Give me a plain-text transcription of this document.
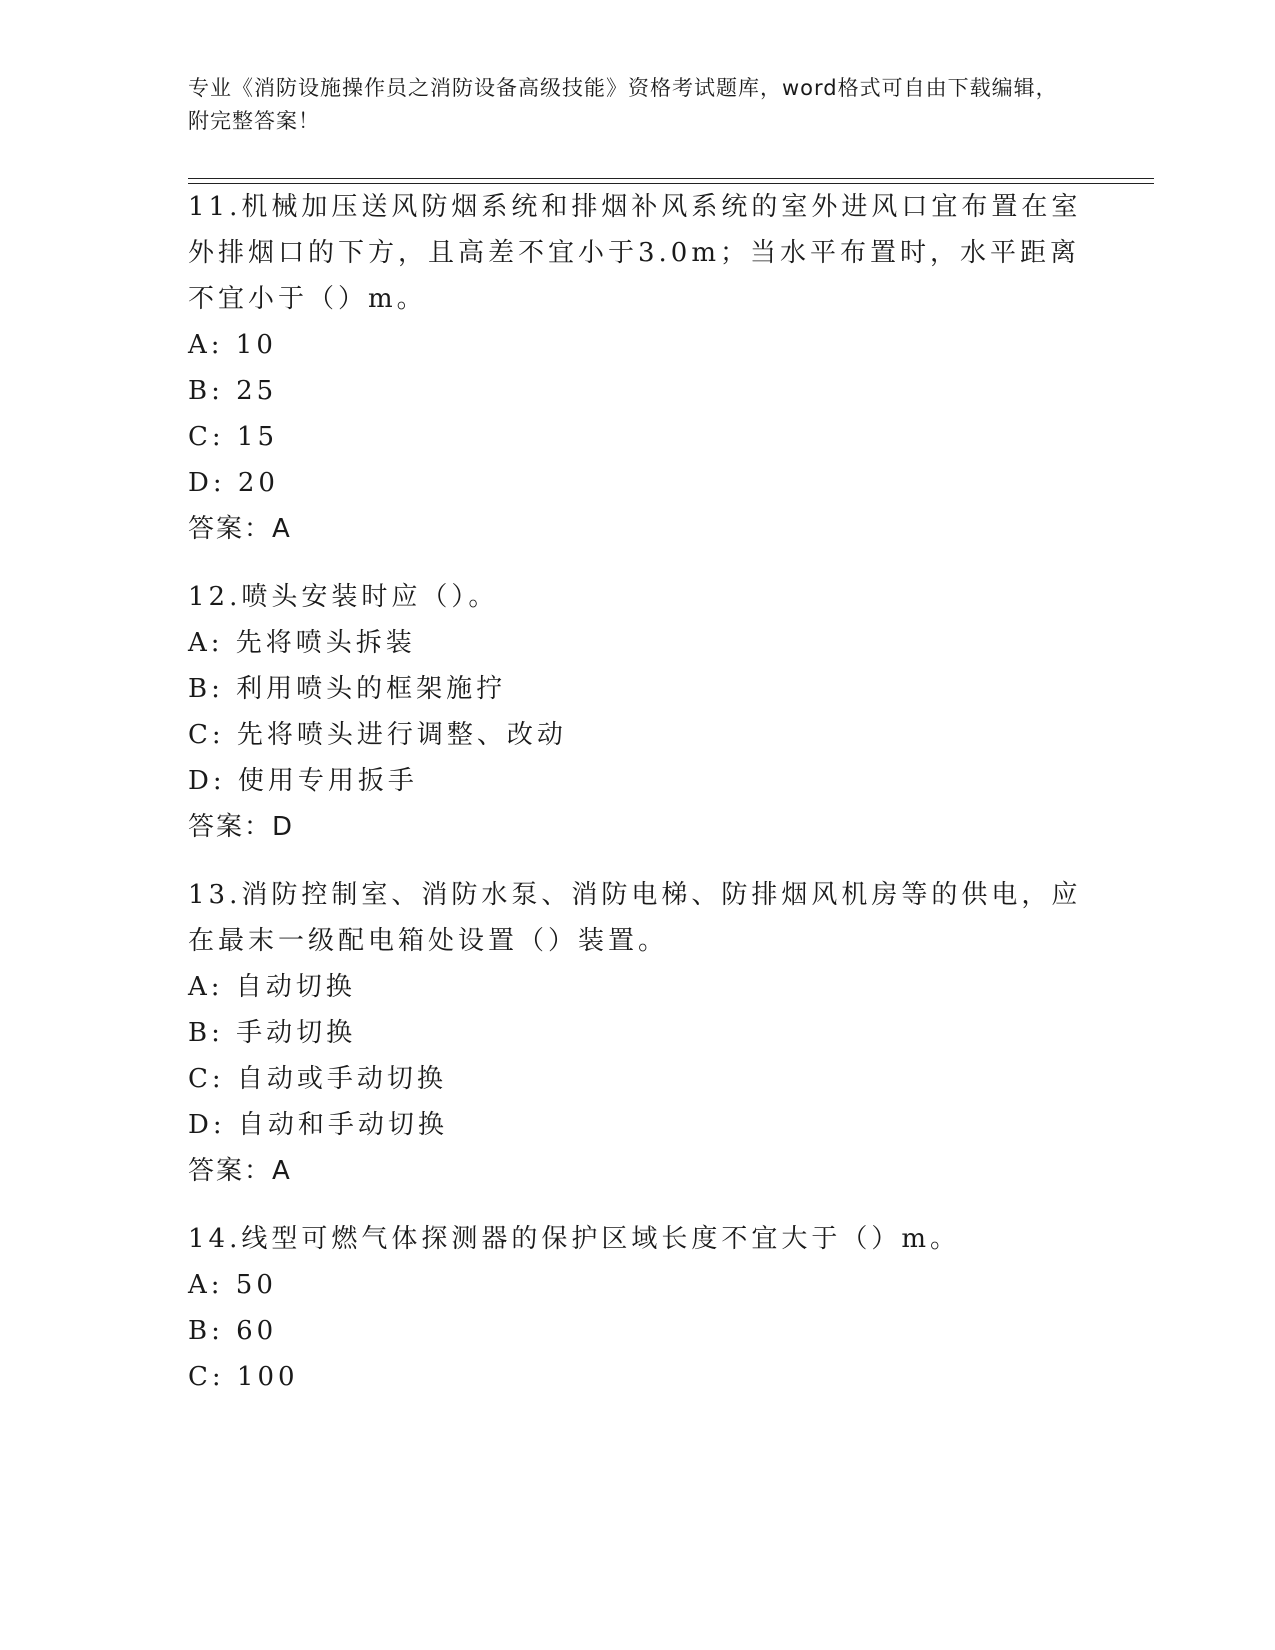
专业《消防设施操作员之消防设备高级技能》资格考试题库，word格式可自由下载编辑，附完整答案！

11.机械加压送风防烟系统和排烟补风系统的室外进风口宜布置在室外排烟口的下方，且高差不宜小于3.0m；当水平布置时，水平距离不宜小于（）m。

A: 10

B: 25

C: 15

D: 20

答案：A

12.喷头安装时应（）。

A: 先将喷头拆装

B: 利用喷头的框架施拧

C: 先将喷头进行调整、改动

D: 使用专用扳手

答案：D

13.消防控制室、消防水泵、消防电梯、防排烟风机房等的供电，应在最末一级配电箱处设置（）装置。

A: 自动切换

B: 手动切换

C: 自动或手动切换

D: 自动和手动切换

答案：A

14.线型可燃气体探测器的保护区域长度不宜大于（）m。

A: 50

B: 60

C: 100
